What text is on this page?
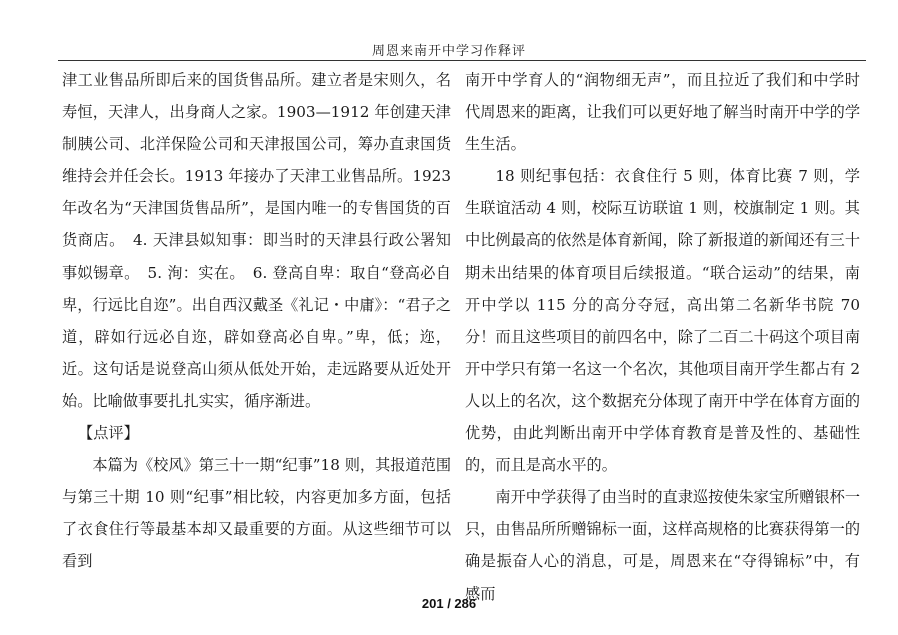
周恩来南开中学习作释评

津工业售品所即后来的国货售品所。建立者是宋则久，名寿恒，天津人，出身商人之家。1903—1912 年创建天津制胰公司、北洋保险公司和天津报国公司，筹办直隶国货维持会并任会长。1913 年接办了天津工业售品所。1923 年改名为“天津国货售品所”，是国内唯一的专售国货的百货商店。　4. 天津县姒知事：即当时的天津县行政公署知事姒锡章。　5. 洵：实在。　6. 登高自卑：取自“登高必自卑，行远比自迩”。出自西汉戴圣《礼记・中庸》：“君子之道，辟如行远必自迩，辟如登高必自卑。”卑，低；迩，近。这句话是说登高山须从低处开始，走远路要从近处开始。比喻做事要扎扎实实，循序渐进。

【点评】

本篇为《校风》第三十一期“纪事”18 则，其报道范围与第三十期 10 则“纪事”相比较，内容更加多方面，包括了衣食住行等最基本却又最重要的方面。从这些细节可以看到

南开中学育人的“润物细无声”，而且拉近了我们和中学时代周恩来的距离，让我们可以更好地了解当时南开中学的学生生活。

18 则纪事包括：衣食住行 5 则，体育比赛 7 则，学生联谊活动 4 则，校际互访联谊 1 则，校旗制定 1 则。其中比例最高的依然是体育新闻，除了新报道的新闻还有三十期未出结果的体育项目后续报道。“联合运动”的结果，南开中学以 115 分的高分夺冠，高出第二名新华书院 70 分！而且这些项目的前四名中，除了二百二十码这个项目南开中学只有第一名这一个名次，其他项目南开学生都占有 2 人以上的名次，这个数据充分体现了南开中学在体育方面的优势，由此判断出南开中学体育教育是普及性的、基础性的，而且是高水平的。

南开中学获得了由当时的直隶巡按使朱家宝所赠银杯一只，由售品所所赠锦标一面，这样高规格的比赛获得第一的确是振奋人心的消息，可是，周恩来在“夺得锦标”中，有感而

201 / 286
